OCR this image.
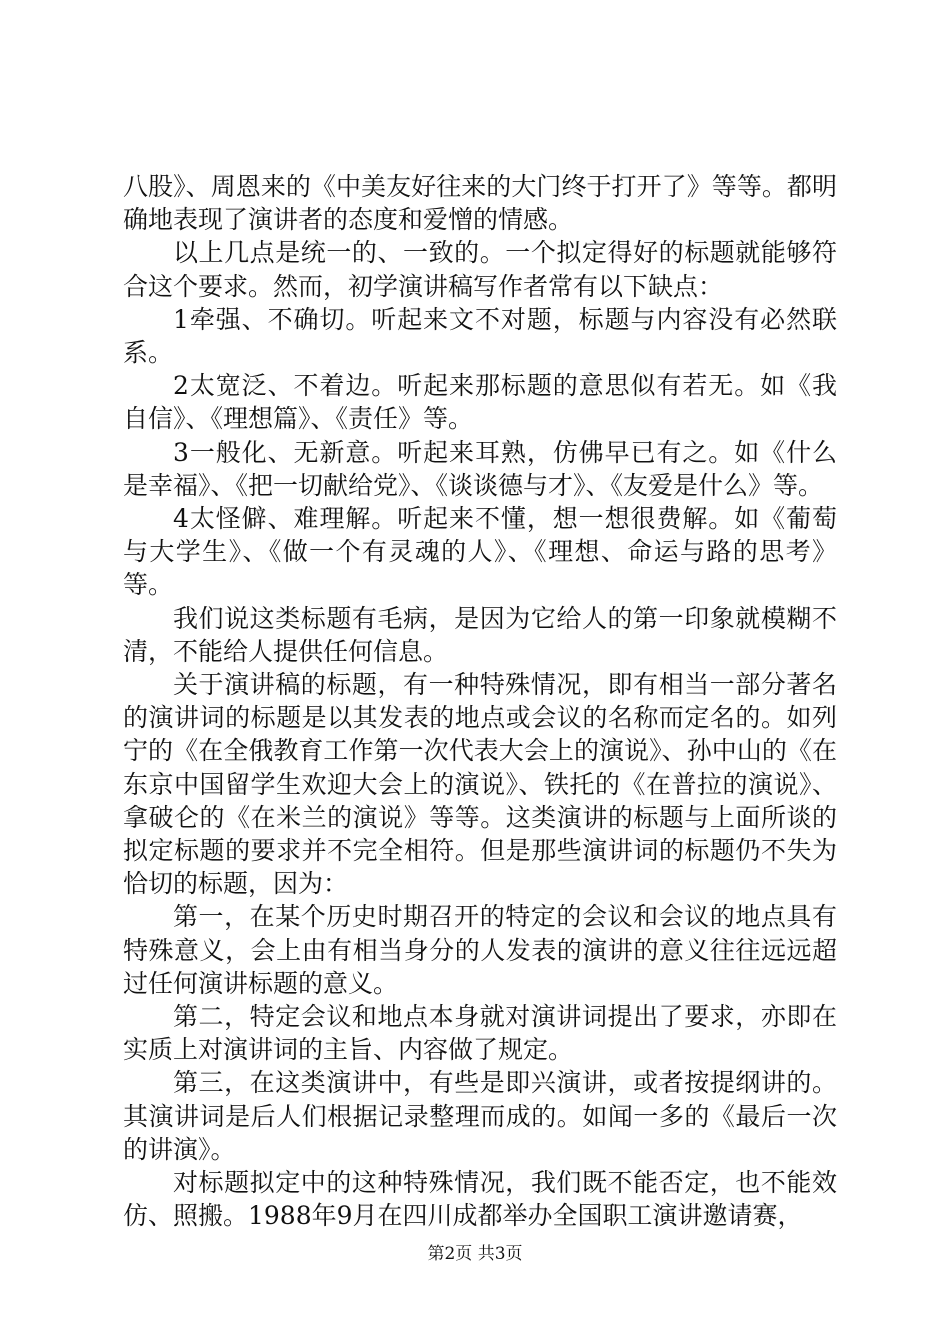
八股》、周恩来的《中美友好往来的大门终于打开了》等等。都明确地表现了演讲者的态度和爱憎的情感。

以上几点是统一的、一致的。一个拟定得好的标题就能够符合这个要求。然而，初学演讲稿写作者常有以下缺点：

1牵强、不确切。听起来文不对题，标题与内容没有必然联系。

2太宽泛、不着边。听起来那标题的意思似有若无。如《我自信》、《理想篇》、《责任》等。

3一般化、无新意。听起来耳熟，仿佛早已有之。如《什么是幸福》、《把一切献给党》、《谈谈德与才》、《友爱是什么》等。

4太怪僻、难理解。听起来不懂，想一想很费解。如《葡萄与大学生》、《做一个有灵魂的人》、《理想、命运与路的思考》等。

我们说这类标题有毛病，是因为它给人的第一印象就模糊不清，不能给人提供任何信息。

关于演讲稿的标题，有一种特殊情况，即有相当一部分著名的演讲词的标题是以其发表的地点或会议的名称而定名的。如列宁的《在全俄教育工作第一次代表大会上的演说》、孙中山的《在东京中国留学生欢迎大会上的演说》、铁托的《在普拉的演说》、拿破仑的《在米兰的演说》等等。这类演讲的标题与上面所谈的拟定标题的要求并不完全相符。但是那些演讲词的标题仍不失为恰切的标题，因为：

第一，在某个历史时期召开的特定的会议和会议的地点具有特殊意义，会上由有相当身分的人发表的演讲的意义往往远远超过任何演讲标题的意义。

第二，特定会议和地点本身就对演讲词提出了要求，亦即在实质上对演讲词的主旨、内容做了规定。

第三，在这类演讲中，有些是即兴演讲，或者按提纲讲的。其演讲词是后人们根据记录整理而成的。如闻一多的《最后一次的讲演》。

对标题拟定中的这种特殊情况，我们既不能否定，也不能效仿、照搬。1988年9月在四川成都举办全国职工演讲邀请赛，

第2页 共3页
